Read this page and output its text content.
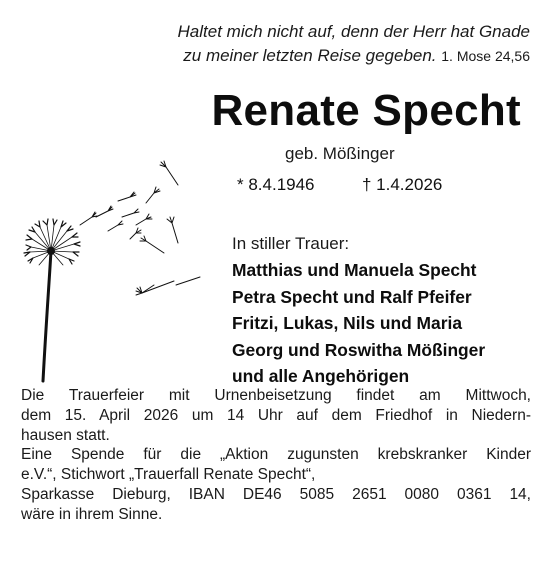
Haltet mich nicht auf, denn der Herr hat Gnade
zu meiner letzten Reise gegeben. 1. Mose 24,56
Renate Specht
geb. Mößinger
* 8.4.1946	† 1.4.2026
In stiller Trauer:
Matthias und Manuela Specht
Petra Specht und Ralf Pfeifer
Fritzi, Lukas, Nils und Maria
Georg und Roswitha Mößinger
und alle Angehörigen
Die Trauerfeier mit Urnenbeisetzung findet am Mittwoch,
dem 15. April 2026 um 14 Uhr auf dem Friedhof in Niedern-
hausen statt.
Eine Spende für die „Aktion zugunsten krebskranker Kinder
e.V.“, Stichwort „Trauerfall Renate Specht“,
Sparkasse Dieburg, IBAN DE46 5085 2651 0080 0361 14,
wäre in ihrem Sinne.
